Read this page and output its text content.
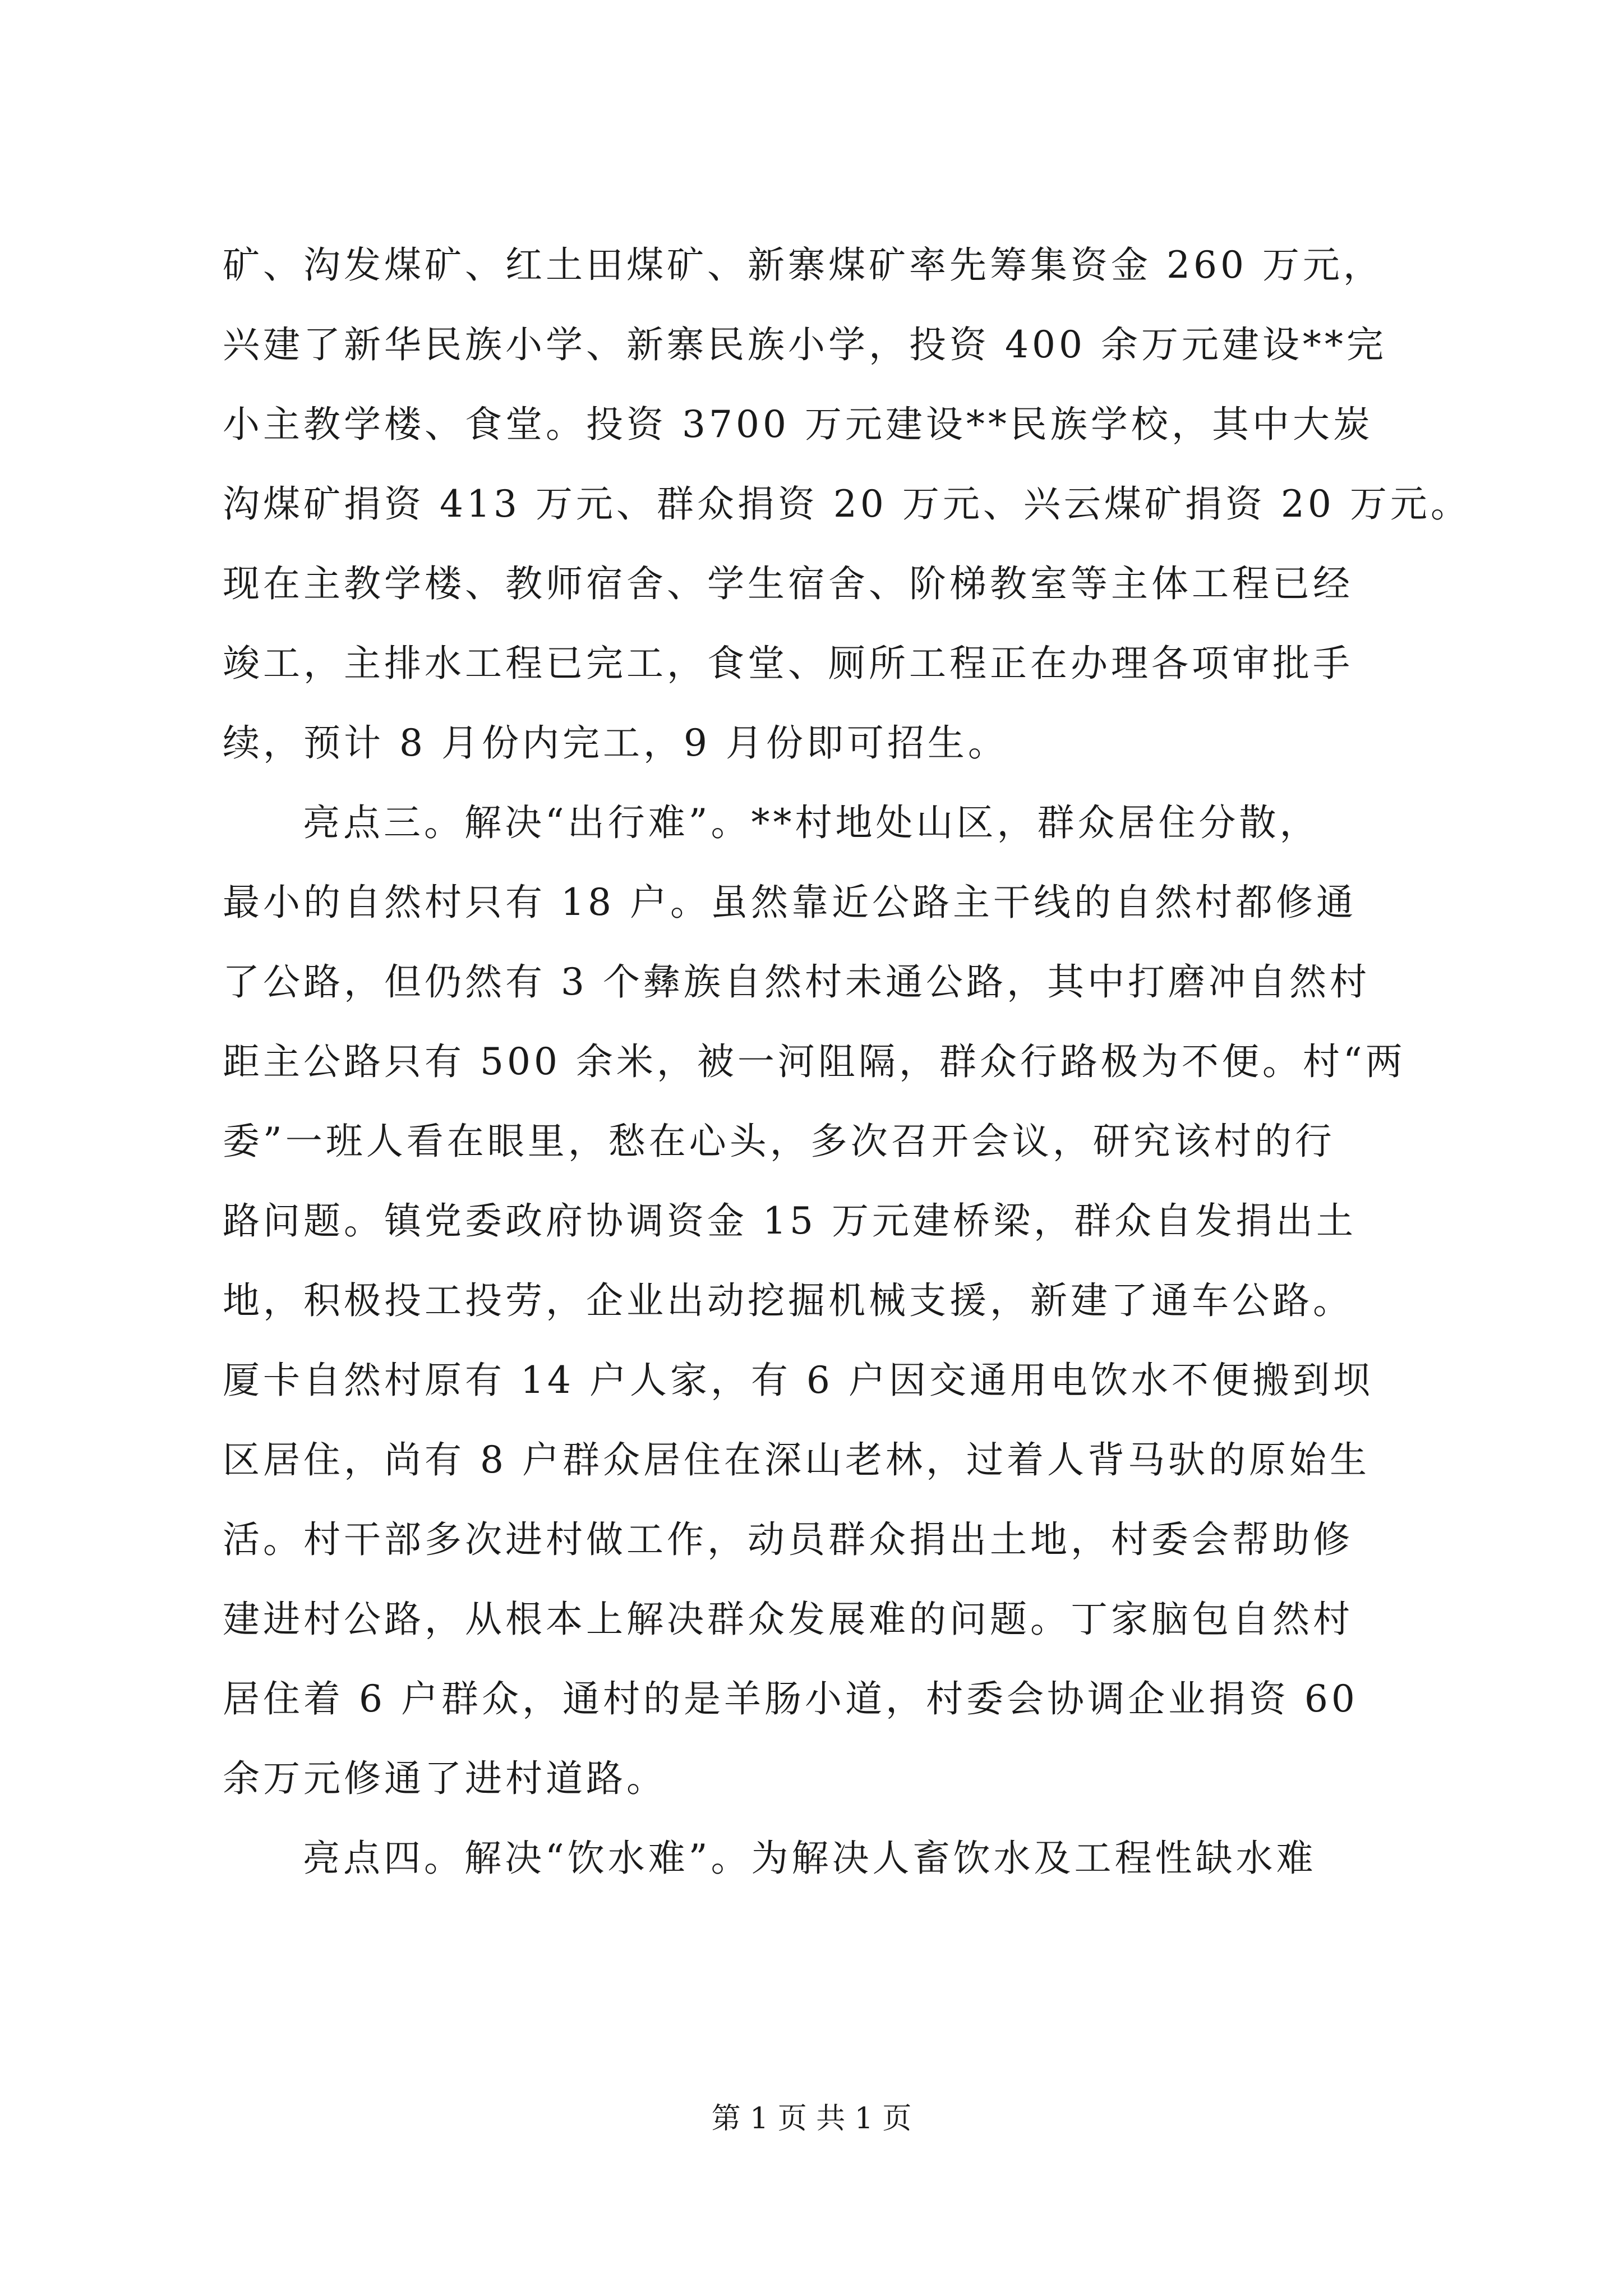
矿、沟发煤矿、红土田煤矿、新寨煤矿率先筹集资金 260 万元，
兴建了新华民族小学、新寨民族小学，投资 400 余万元建设**完
小主教学楼、食堂。投资 3700 万元建设**民族学校，其中大炭
沟煤矿捐资 413 万元、群众捐资 20 万元、兴云煤矿捐资 20 万元。
现在主教学楼、教师宿舍、学生宿舍、阶梯教室等主体工程已经
竣工，主排水工程已完工，食堂、厕所工程正在办理各项审批手
续，预计 8 月份内完工，9 月份即可招生。
亮点三。解决“出行难”。**村地处山区，群众居住分散，
最小的自然村只有 18 户。虽然靠近公路主干线的自然村都修通
了公路，但仍然有 3 个彝族自然村未通公路，其中打磨冲自然村
距主公路只有 500 余米，被一河阻隔，群众行路极为不便。村“两
委”一班人看在眼里，愁在心头，多次召开会议，研究该村的行
路问题。镇党委政府协调资金 15 万元建桥梁，群众自发捐出土
地，积极投工投劳，企业出动挖掘机械支援，新建了通车公路。
厦卡自然村原有 14 户人家，有 6 户因交通用电饮水不便搬到坝
区居住，尚有 8 户群众居住在深山老林，过着人背马驮的原始生
活。村干部多次进村做工作，动员群众捐出土地，村委会帮助修
建进村公路，从根本上解决群众发展难的问题。丁家脑包自然村
居住着 6 户群众，通村的是羊肠小道，村委会协调企业捐资 60
余万元修通了进村道路。
亮点四。解决“饮水难”。为解决人畜饮水及工程性缺水难
第 1 页 共 1 页
